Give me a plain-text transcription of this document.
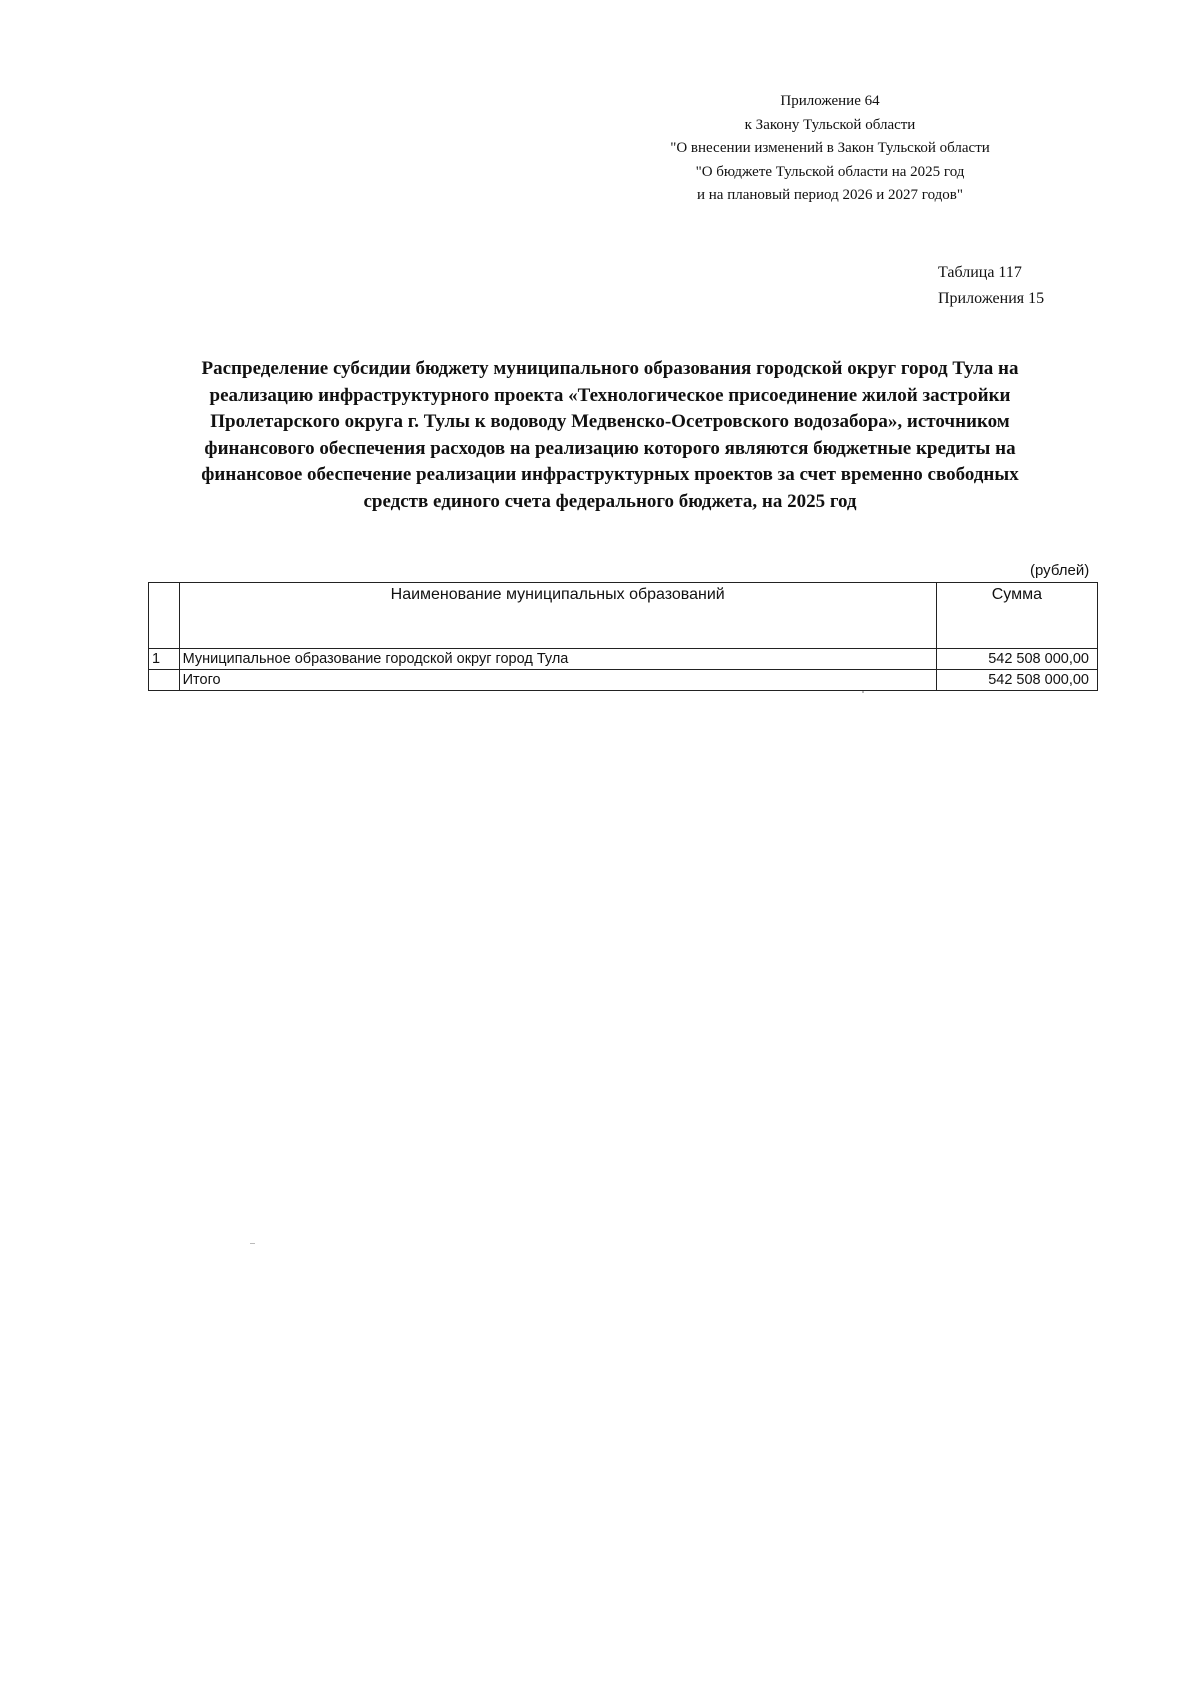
Приложение 64
к Закону Тульской области
"О внесении изменений в Закон Тульской области
"О бюджете Тульской области на 2025 год
и на плановый период 2026 и 2027 годов"
Таблица 117
Приложения 15
Распределение субсидии бюджету муниципального образования городской округ город Тула на
реализацию инфраструктурного проекта «Технологическое присоединение жилой застройки
Пролетарского округа г. Тулы к водоводу Медвенско-Осетровского водозабора», источником
финансового обеспечения расходов на реализацию которого являются бюджетные кредиты на
финансовое обеспечение реализации инфраструктурных проектов за счет временно свободных
средств единого счета федерального бюджета, на 2025 год
(рублей)
	Наименование муниципальных образований	Сумма
1	Муниципальное образование городской округ город Тула	542 508 000,00
	Итого	542 508 000,00
